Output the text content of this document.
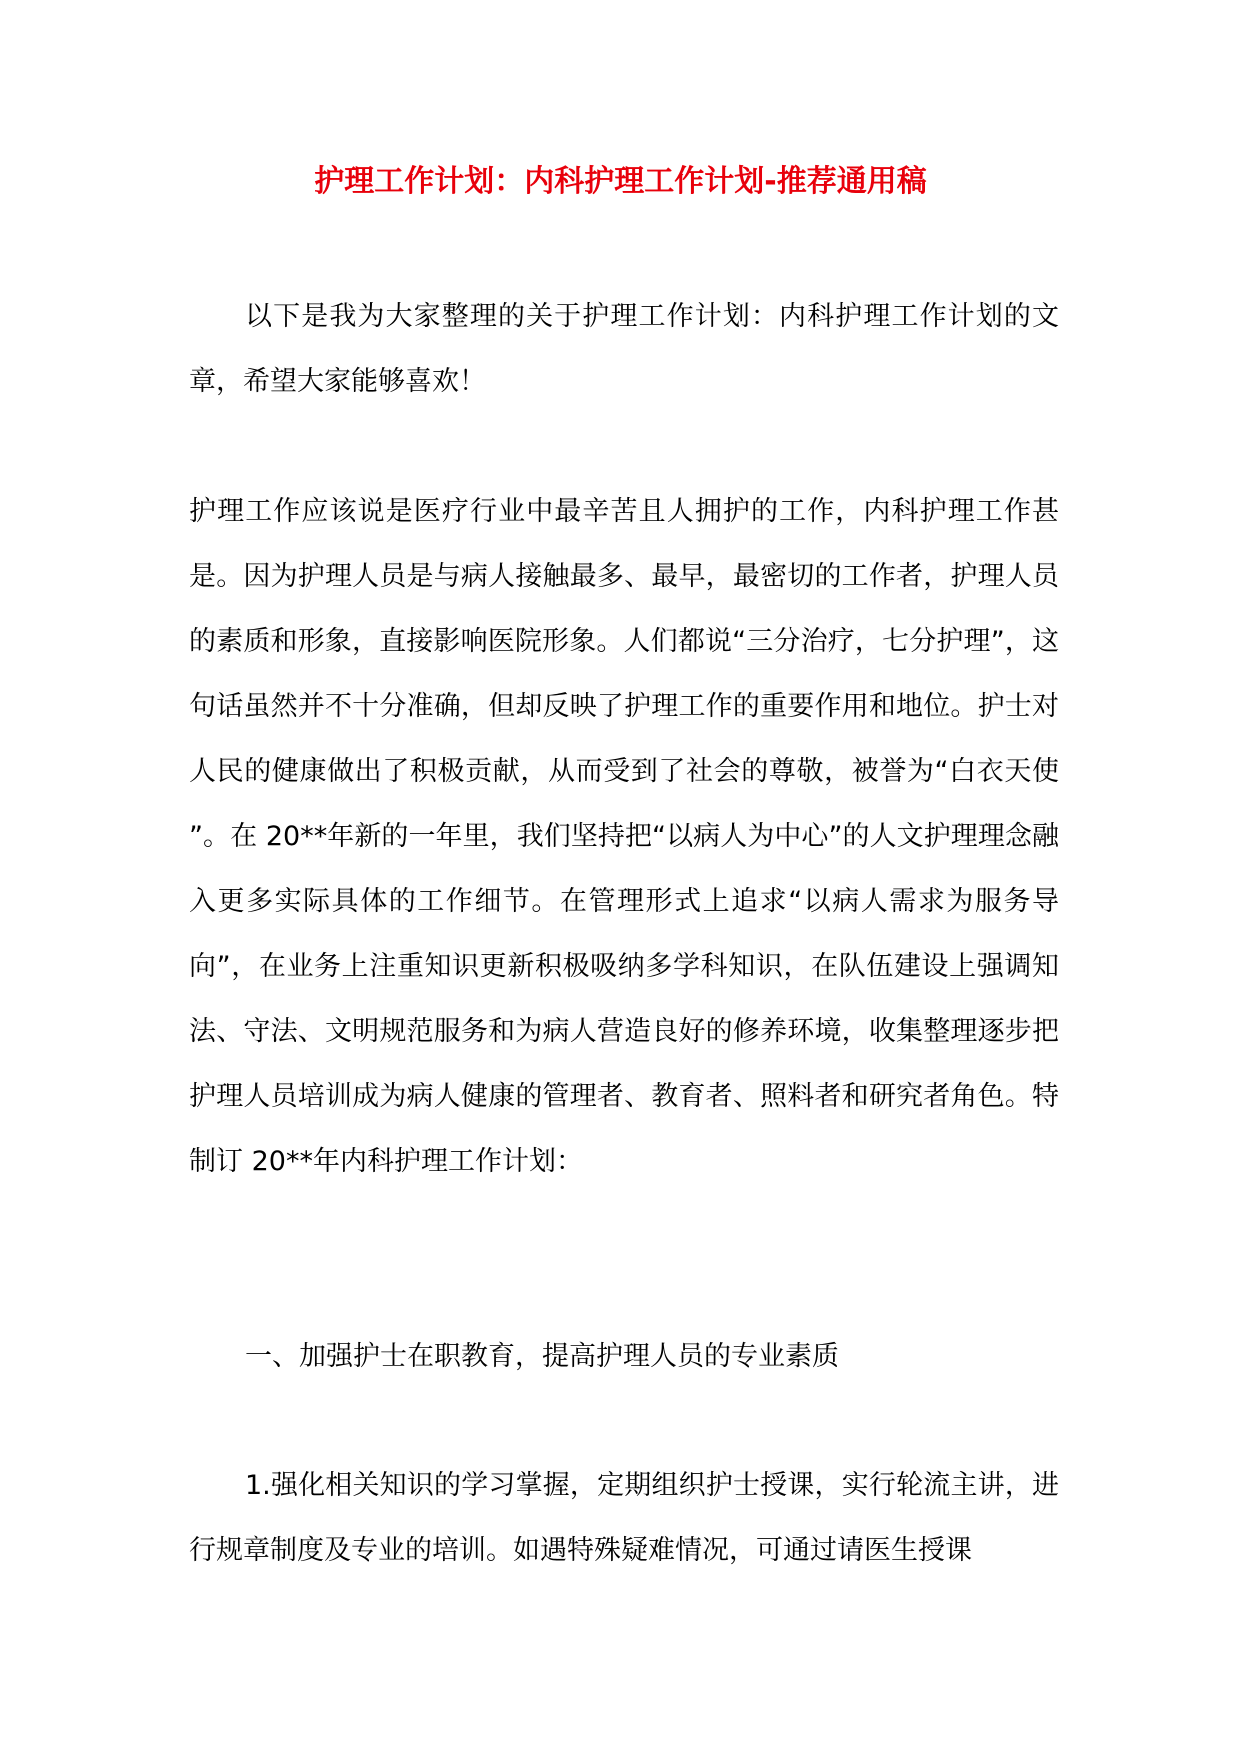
护理工作计划：内科护理工作计划-推荐通用稿
以下是我为大家整理的关于护理工作计划：内科护理工作计划的文章，希望大家能够喜欢！
护理工作应该说是医疗行业中最辛苦且人拥护的工作，内科护理工作甚是。因为护理人员是与病人接触最多、最早，最密切的工作者，护理人员的素质和形象，直接影响医院形象。人们都说“三分治疗，七分护理”，这句话虽然并不十分准确，但却反映了护理工作的重要作用和地位。护士对人民的健康做出了积极贡献，从而受到了社会的尊敬，被誉为“白衣天使 ”。在 20**年新的一年里，我们坚持把“以病人为中心”的人文护理理念融入更多实际具体的工作细节。在管理形式上追求“以病人需求为服务导向”，在业务上注重知识更新积极吸纳多学科知识，在队伍建设上强调知法、守法、文明规范服务和为病人营造良好的修养环境，收集整理逐步把护理人员培训成为病人健康的管理者、教育者、照料者和研究者角色。特制订 20**年内科护理工作计划：
一、加强护士在职教育，提高护理人员的专业素质
1.强化相关知识的学习掌握，定期组织护士授课，实行轮流主讲，进行规章制度及专业的培训。如遇特殊疑难情况，可通过请医生授课
